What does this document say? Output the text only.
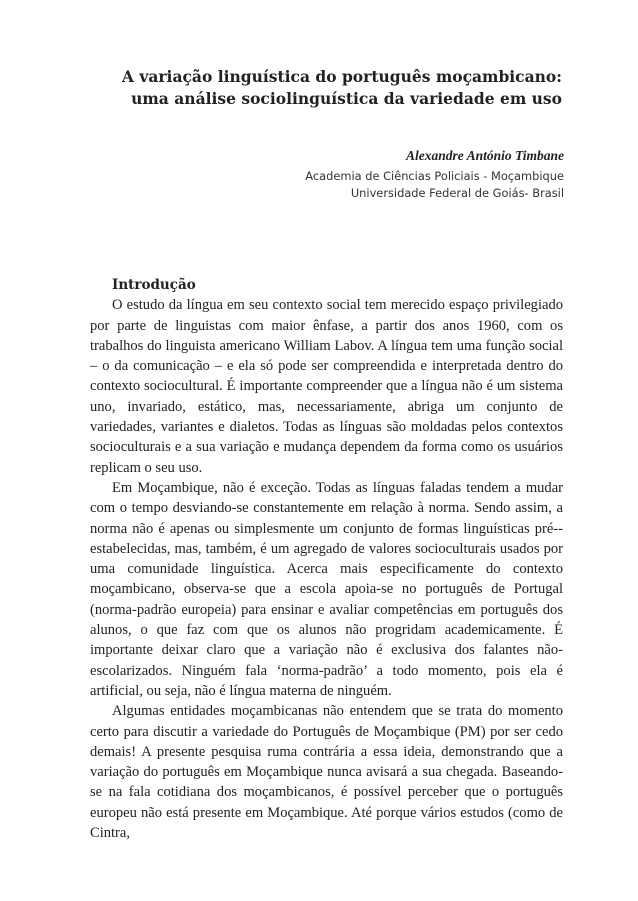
A variação linguística do português moçambicano:
uma análise sociolinguística da variedade em uso
Alexandre António Timbane
Academia de Ciências Policiais - Moçambique
Universidade Federal de Goiás- Brasil
Introdução

O estudo da língua em seu contexto social tem merecido espaço privilegiado por parte de linguistas com maior ênfase, a partir dos anos 1960, com os trabalhos do linguista americano William Labov. A língua tem uma função social – o da comunicação – e ela só pode ser compreendida e interpretada dentro do contexto sociocultural. É importante compreender que a língua não é um sistema uno, invariado, estático, mas, necessariamente, abriga um conjunto de variedades, variantes e dialetos. Todas as línguas são moldadas pelos contextos socioculturais e a sua variação e mudança dependem da forma como os usuários replicam o seu uso.

Em Moçambique, não é exceção. Todas as línguas faladas tendem a mudar com o tempo desviando-se constantemente em relação à norma. Sendo assim, a norma não é apenas ou simplesmente um conjunto de formas linguísticas pré--estabelecidas, mas, também, é um agregado de valores socioculturais usados por uma comunidade linguística. Acerca mais especificamente do contexto moçambicano, observa-se que a escola apoia-se no português de Portugal (norma-padrão europeia) para ensinar e avaliar competências em português dos alunos, o que faz com que os alunos não progridam academicamente. É importante deixar claro que a variação não é exclusiva dos falantes não-escolarizados. Ninguém fala ‘norma-padrão’ a todo momento, pois ela é artificial, ou seja, não é língua materna de ninguém.

Algumas entidades moçambicanas não entendem que se trata do momento certo para discutir a variedade do Português de Moçambique (PM) por ser cedo demais! A presente pesquisa ruma contrária a essa ideia, demonstrando que a variação do português em Moçambique nunca avisará a sua chegada. Baseando-se na fala cotidiana dos moçambicanos, é possível perceber que o português europeu não está presente em Moçambique. Até porque vários estudos (como de Cintra,
